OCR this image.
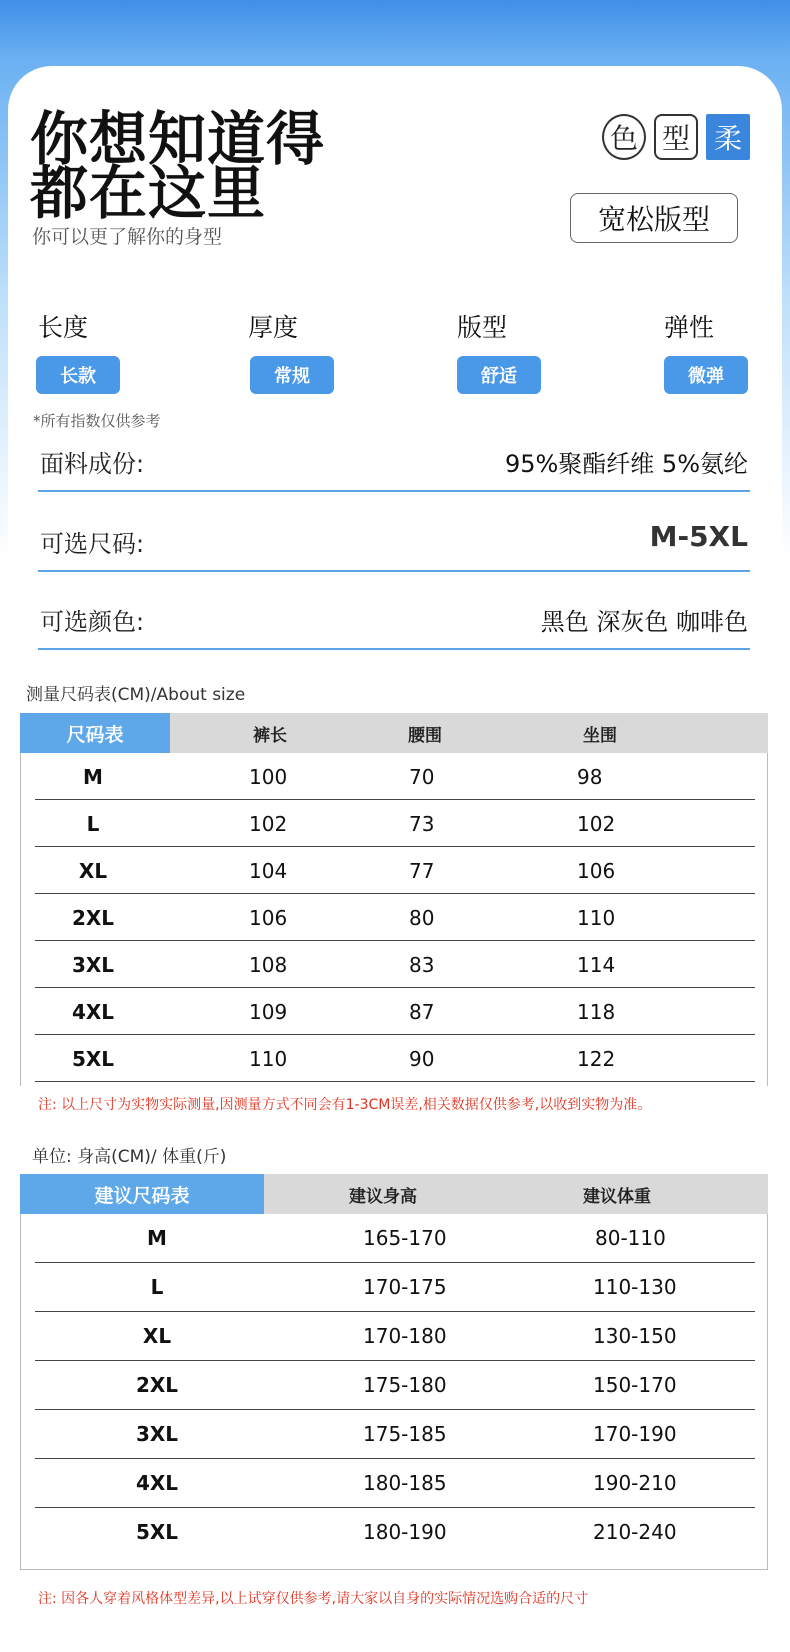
你想知道得
都在这里
你可以更了解你的身型
色 型 柔
宽松版型
长度
长款
厚度
常规
版型
舒适
弹性
微弹
*所有指数仅供参考
面料成份:	95%聚酯纤维 5%氨纶
可选尺码:	M-5XL
可选颜色:	黑色 深灰色 咖啡色
测量尺码表(CM)/About size
尺码表	裤长	腰围	坐围
M	100	70	98
L	102	73	102
XL	104	77	106
2XL	106	80	110
3XL	108	83	114
4XL	109	87	118
5XL	110	90	122
注: 以上尺寸为实物实际测量,因测量方式不同会有1-3CM误差,相关数据仅供参考,以收到实物为准。
单位: 身高(CM)/ 体重(斤)
建议尺码表	建议身高	建议体重
M	165-170	80-110
L	170-175	110-130
XL	170-180	130-150
2XL	175-180	150-170
3XL	175-185	170-190
4XL	180-185	190-210
5XL	180-190	210-240
注: 因各人穿着风格体型差异,以上试穿仅供参考,请大家以自身的实际情况选购合适的尺寸
